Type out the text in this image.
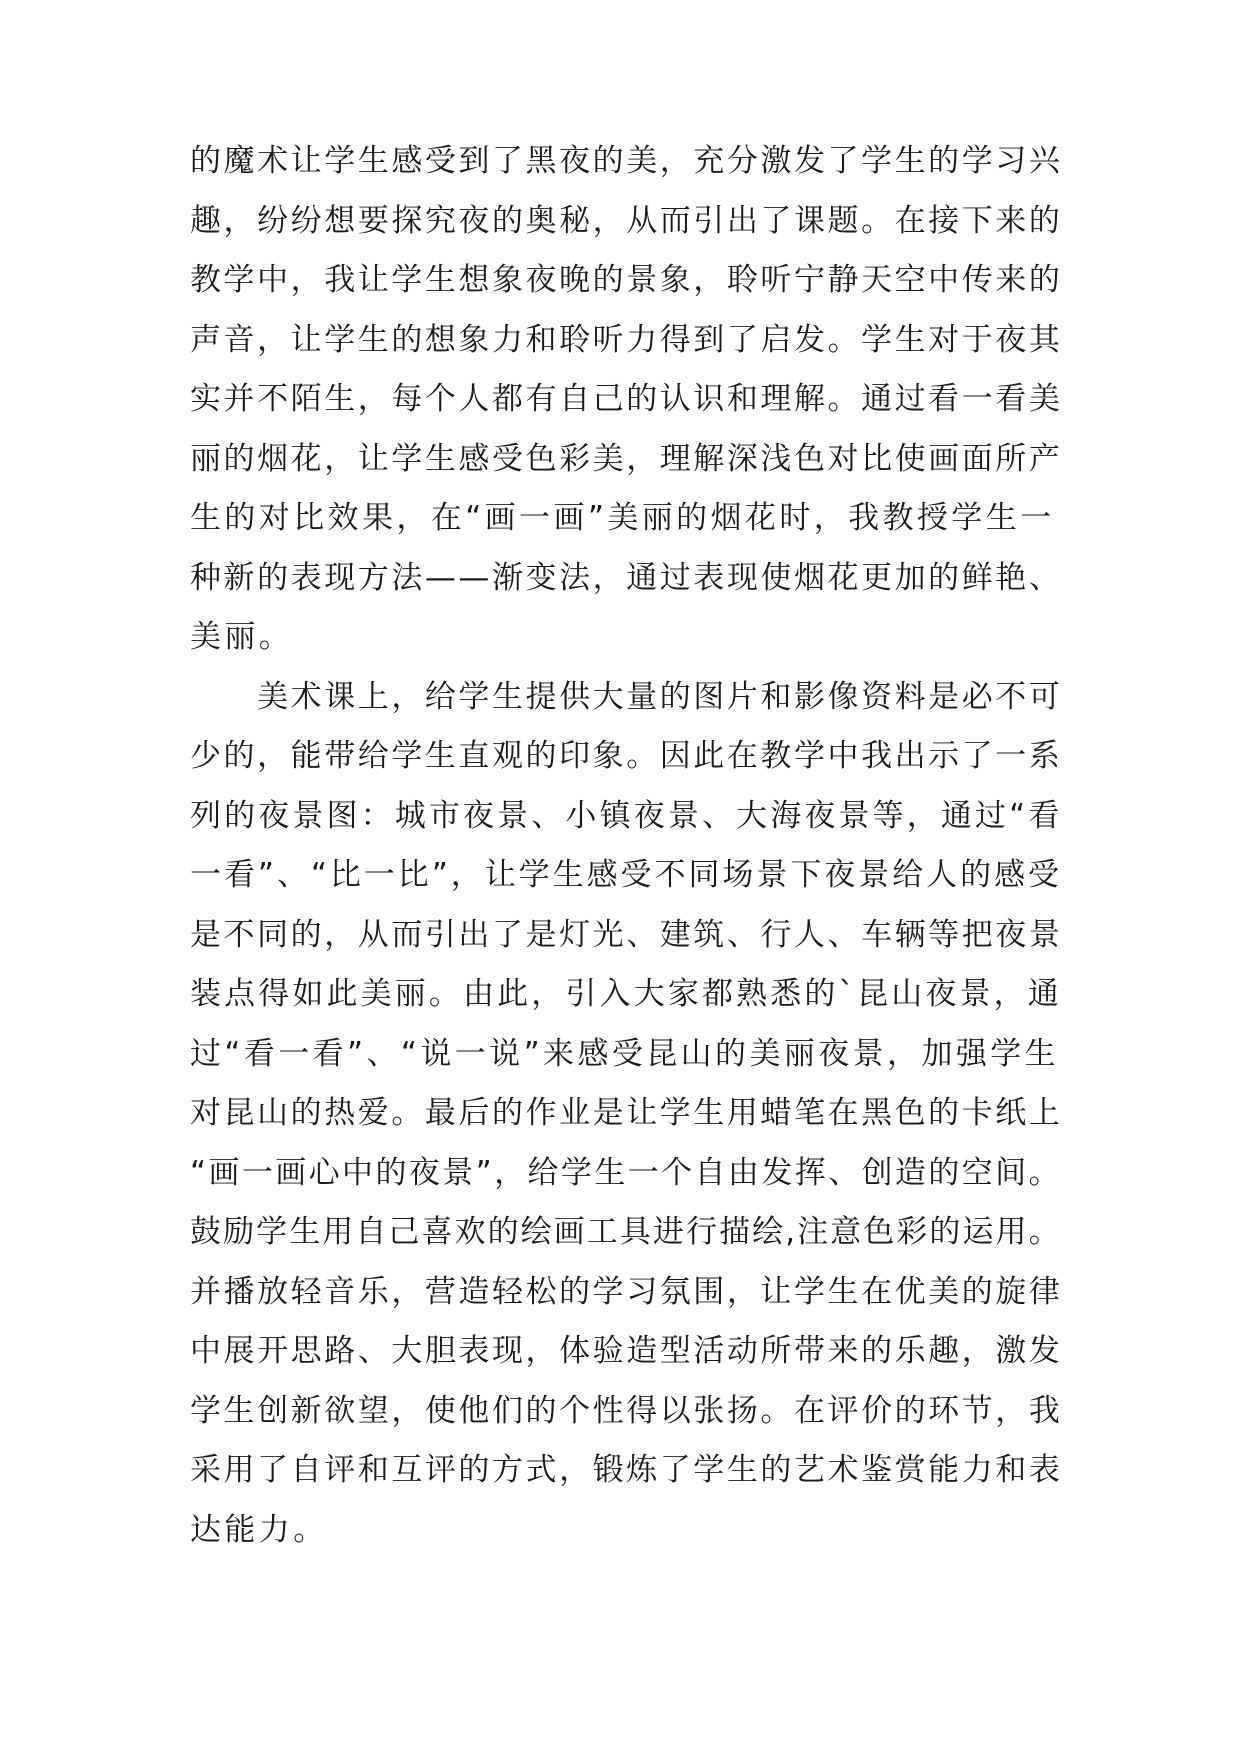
的魔术让学生感受到了黑夜的美，充分激发了学生的学习兴
趣，纷纷想要探究夜的奥秘，从而引出了课题。在接下来的
教学中，我让学生想象夜晚的景象，聆听宁静天空中传来的
声音，让学生的想象力和聆听力得到了启发。学生对于夜其
实并不陌生，每个人都有自己的认识和理解。通过看一看美
丽的烟花，让学生感受色彩美，理解深浅色对比使画面所产
生的对比效果，在“画一画”美丽的烟花时，我教授学生一
种新的表现方法——渐变法，通过表现使烟花更加的鲜艳、
美丽。
　　美术课上，给学生提供大量的图片和影像资料是必不可
少的，能带给学生直观的印象。因此在教学中我出示了一系
列的夜景图：城市夜景、小镇夜景、大海夜景等，通过“看
一看”、“比一比”，让学生感受不同场景下夜景给人的感受
是不同的，从而引出了是灯光、建筑、行人、车辆等把夜景
装点得如此美丽。由此，引入大家都熟悉的`昆山夜景，通
过“看一看”、“说一说”来感受昆山的美丽夜景，加强学生
对昆山的热爱。最后的作业是让学生用蜡笔在黑色的卡纸上
“画一画心中的夜景”，给学生一个自由发挥、创造的空间。
鼓励学生用自己喜欢的绘画工具进行描绘,注意色彩的运用。
并播放轻音乐，营造轻松的学习氛围，让学生在优美的旋律
中展开思路、大胆表现，体验造型活动所带来的乐趣，激发
学生创新欲望，使他们的个性得以张扬。在评价的环节，我
采用了自评和互评的方式，锻炼了学生的艺术鉴赏能力和表
达能力。
